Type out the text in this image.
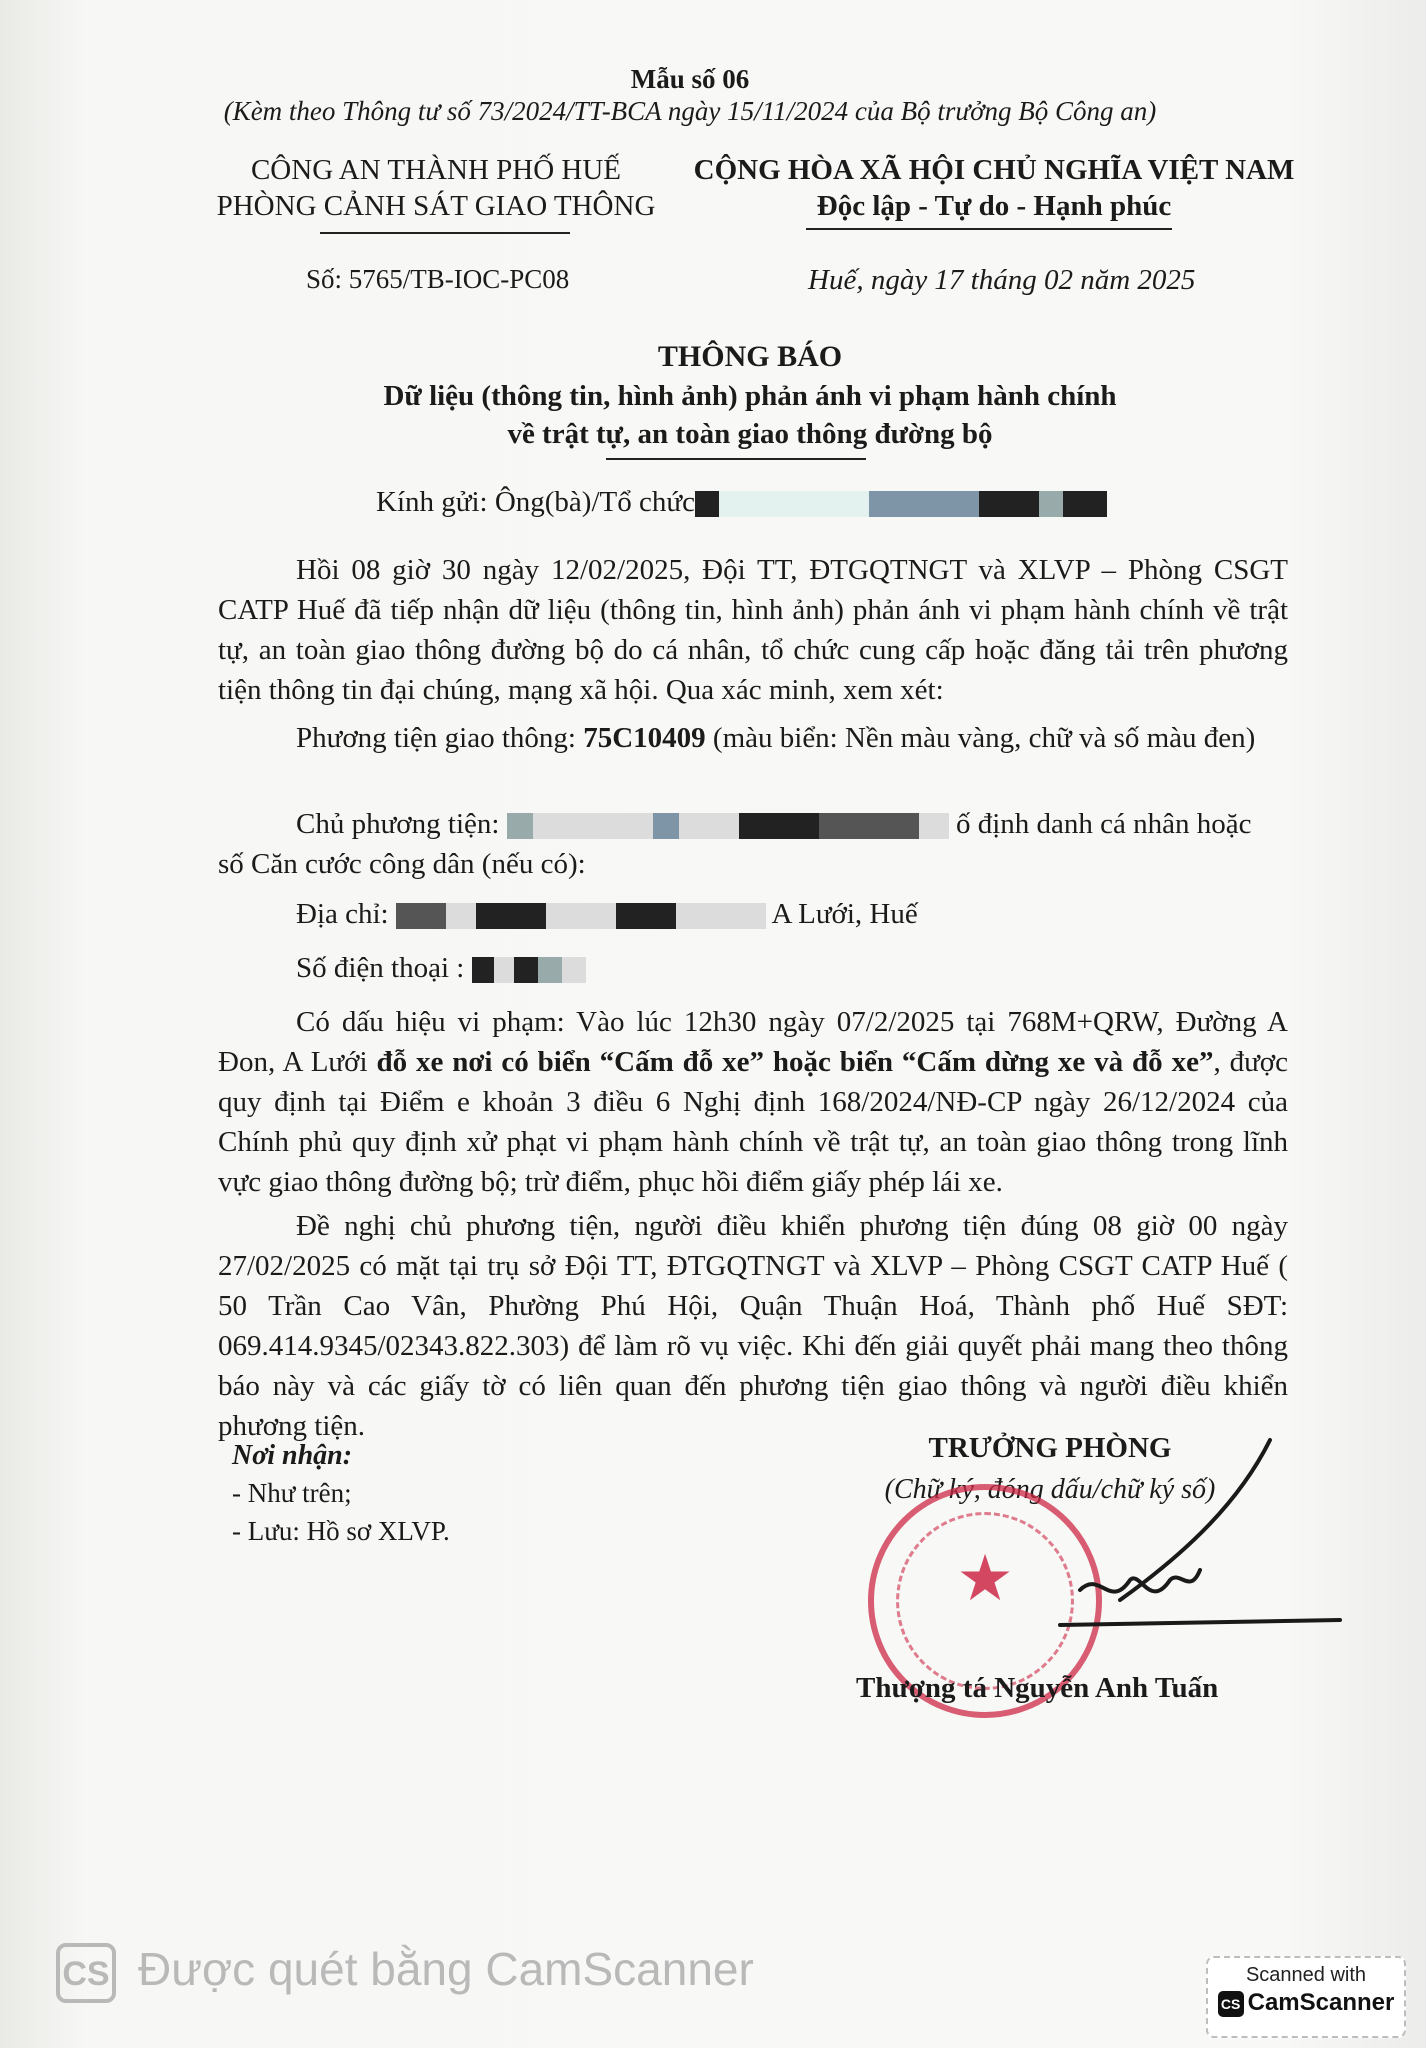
Mẫu số 06
(Kèm theo Thông tư số 73/2024/TT-BCA ngày 15/11/2024 của Bộ trưởng Bộ Công an)
CÔNG AN THÀNH PHỐ HUẾ
PHÒNG CẢNH SÁT GIAO THÔNG
CỘNG HÒA XÃ HỘI CHỦ NGHĨA VIỆT NAM
Độc lập - Tự do - Hạnh phúc
Số: 5765/TB-IOC-PC08	Huế, ngày 17 tháng 02 năm 2025
THÔNG BÁO
Dữ liệu (thông tin, hình ảnh) phản ánh vi phạm hành chính
về trật tự, an toàn giao thông đường bộ
Kính gửi: Ông(bà)/Tổ chức
Hồi 08 giờ 30 ngày 12/02/2025, Đội TT, ĐTGQTNGT và XLVP – Phòng CSGT CATP Huế đã tiếp nhận dữ liệu (thông tin, hình ảnh) phản ánh vi phạm hành chính về trật tự, an toàn giao thông đường bộ do cá nhân, tổ chức cung cấp hoặc đăng tải trên phương tiện thông tin đại chúng, mạng xã hội. Qua xác minh, xem xét:
Phương tiện giao thông: 75C10409 (màu biển: Nền màu vàng, chữ và số màu đen)
Chủ phương tiện:	ố định danh cá nhân hoặc
số Căn cước công dân (nếu có):
Địa chỉ:	A Lưới, Huế
Số điện thoại :
Có dấu hiệu vi phạm: Vào lúc 12h30 ngày 07/2/2025 tại 768M+QRW, Đường A Đon, A Lưới đỗ xe nơi có biển “Cấm đỗ xe” hoặc biển “Cấm dừng xe và đỗ xe”, được quy định tại Điểm e khoản 3 điều 6 Nghị định 168/2024/NĐ-CP ngày 26/12/2024 của Chính phủ quy định xử phạt vi phạm hành chính về trật tự, an toàn giao thông trong lĩnh vực giao thông đường bộ; trừ điểm, phục hồi điểm giấy phép lái xe.
Đề nghị chủ phương tiện, người điều khiển phương tiện đúng 08 giờ 00 ngày 27/02/2025 có mặt tại trụ sở Đội TT, ĐTGQTNGT và XLVP – Phòng CSGT CATP Huế ( 50 Trần Cao Vân, Phường Phú Hội, Quận Thuận Hoá, Thành phố Huế SĐT: 069.414.9345/02343.822.303) để làm rõ vụ việc. Khi đến giải quyết phải mang theo thông báo này và các giấy tờ có liên quan đến phương tiện giao thông và người điều khiển phương tiện.
Nơi nhận:
- Như trên;
- Lưu: Hồ sơ XLVP.
TRƯỞNG PHÒNG
(Chữ ký, đóng dấu/chữ ký số)
★
Thượng tá Nguyễn Anh Tuấn
CS Được quét bằng CamScanner	Scanned with
CS CamScanner
